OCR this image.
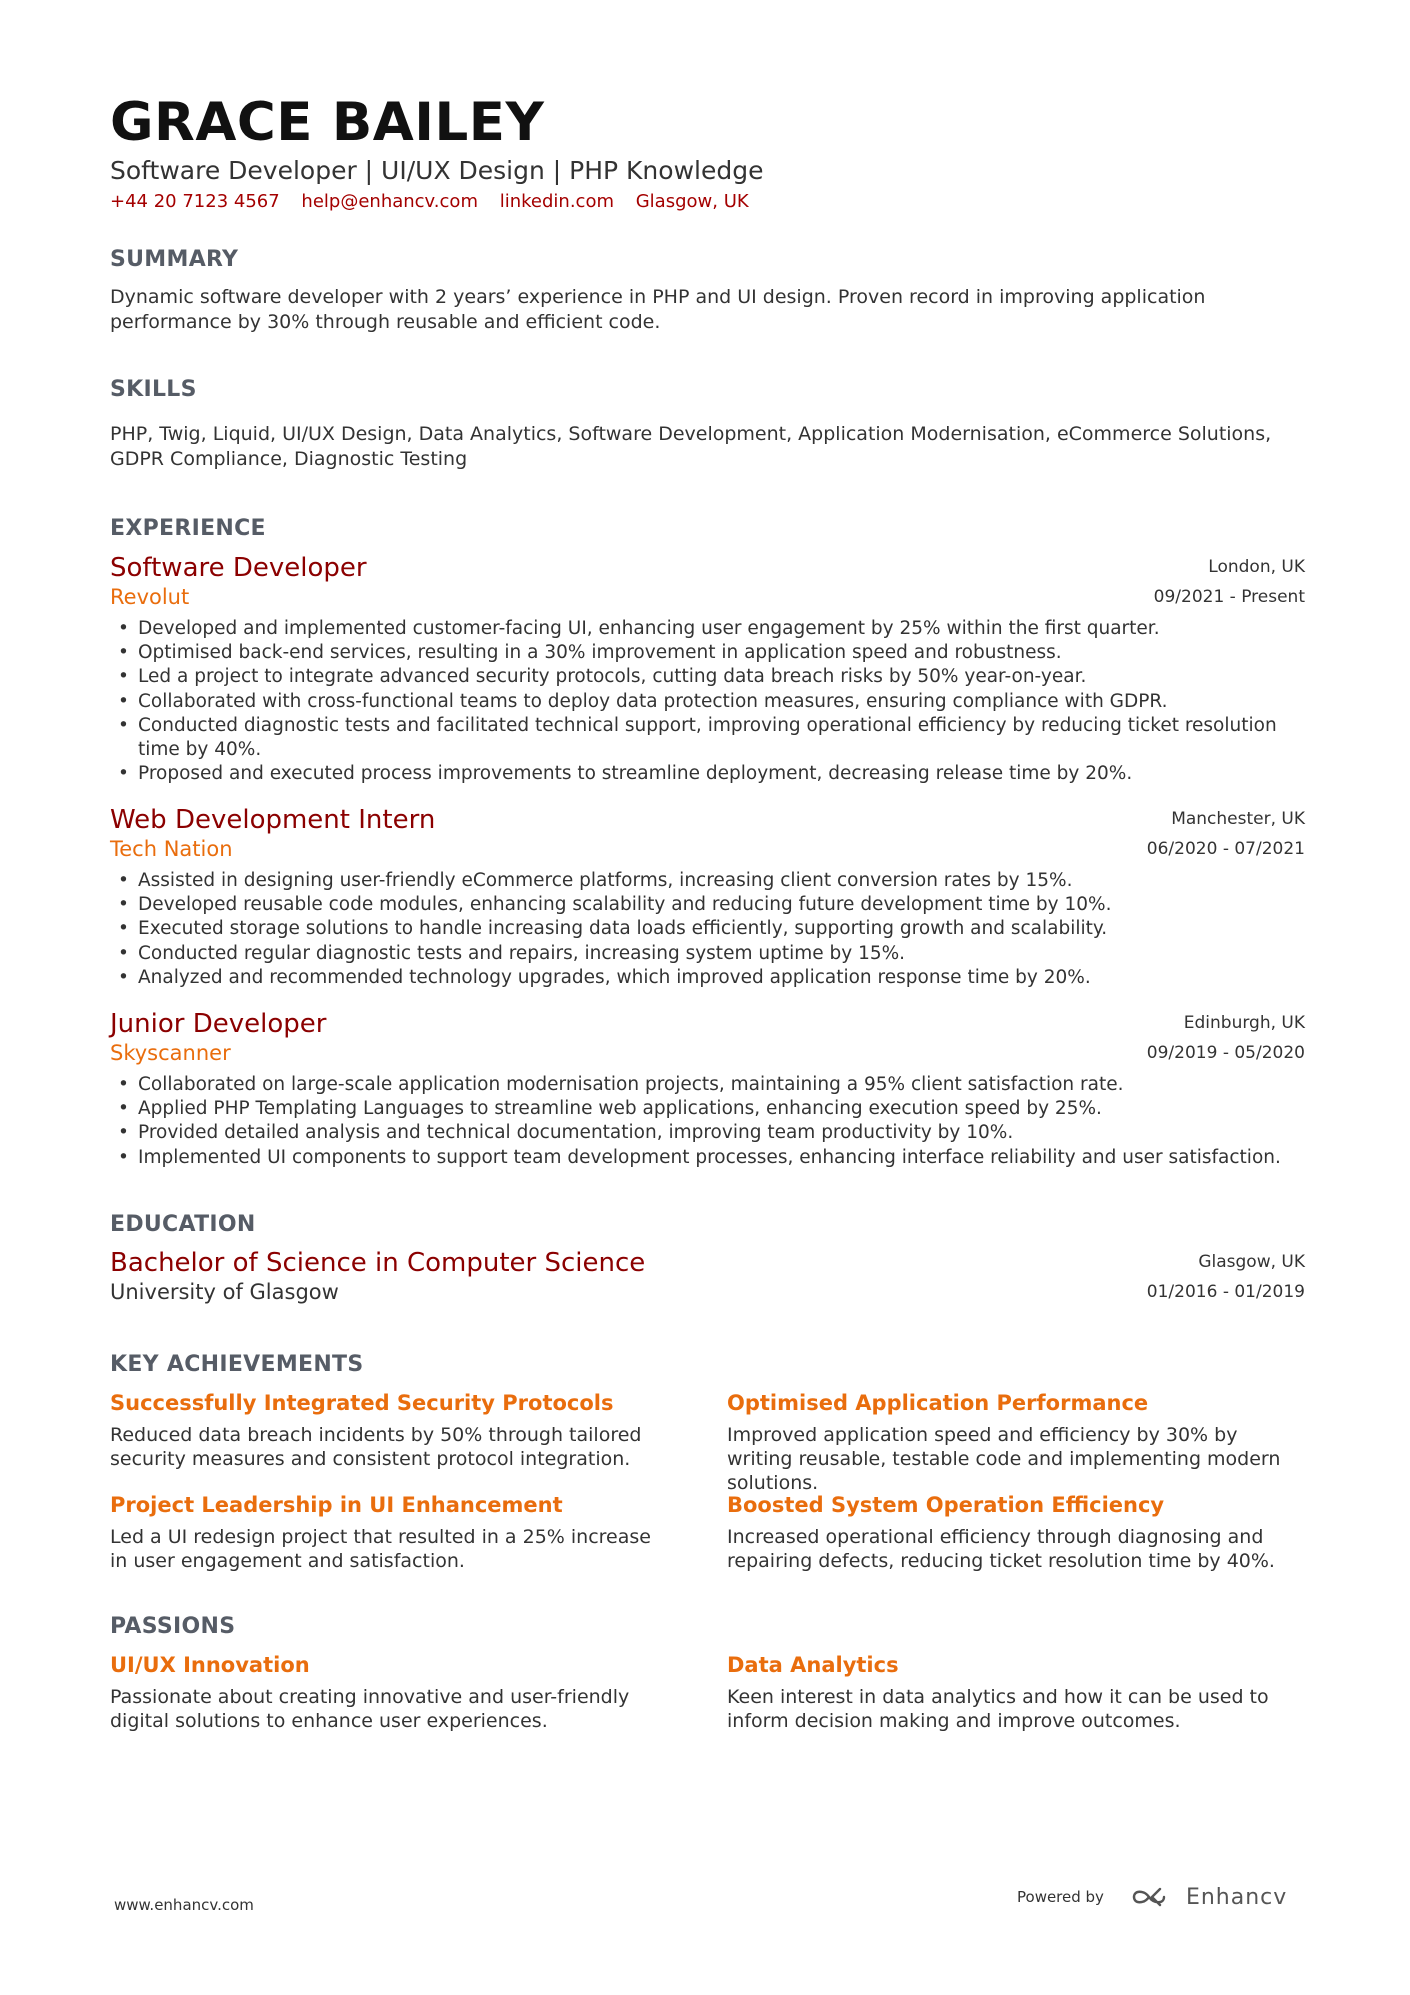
GRACE BAILEY
Software Developer | UI/UX Design | PHP Knowledge
+44 20 7123 4567 help@enhancv.com linkedin.com Glasgow, UK
SUMMARY
Dynamic software developer with 2 years’ experience in PHP and UI design. Proven record in improving application performance by 30% through reusable and efficient code.
SKILLS
PHP, Twig, Liquid, UI/UX Design, Data Analytics, Software Development, Application Modernisation, eCommerce Solutions, GDPR Compliance, Diagnostic Testing
EXPERIENCE
Software Developer
Revolut
London, UK
09/2021 - Present
• Developed and implemented customer-facing UI, enhancing user engagement by 25% within the first quarter.
• Optimised back-end services, resulting in a 30% improvement in application speed and robustness.
• Led a project to integrate advanced security protocols, cutting data breach risks by 50% year-on-year.
• Collaborated with cross-functional teams to deploy data protection measures, ensuring compliance with GDPR.
• Conducted diagnostic tests and facilitated technical support, improving operational efficiency by reducing ticket resolution time by 40%.
• Proposed and executed process improvements to streamline deployment, decreasing release time by 20%.
Web Development Intern
Tech Nation
Manchester, UK
06/2020 - 07/2021
• Assisted in designing user-friendly eCommerce platforms, increasing client conversion rates by 15%.
• Developed reusable code modules, enhancing scalability and reducing future development time by 10%.
• Executed storage solutions to handle increasing data loads efficiently, supporting growth and scalability.
• Conducted regular diagnostic tests and repairs, increasing system uptime by 15%.
• Analyzed and recommended technology upgrades, which improved application response time by 20%.
Junior Developer
Skyscanner
Edinburgh, UK
09/2019 - 05/2020
• Collaborated on large-scale application modernisation projects, maintaining a 95% client satisfaction rate.
• Applied PHP Templating Languages to streamline web applications, enhancing execution speed by 25%.
• Provided detailed analysis and technical documentation, improving team productivity by 10%.
• Implemented UI components to support team development processes, enhancing interface reliability and user satisfaction.
EDUCATION
Bachelor of Science in Computer Science
University of Glasgow
Glasgow, UK
01/2016 - 01/2019
KEY ACHIEVEMENTS
Successfully Integrated Security Protocols
Reduced data breach incidents by 50% through tailored security measures and consistent protocol integration.
Optimised Application Performance
Improved application speed and efficiency by 30% by writing reusable, testable code and implementing modern solutions.
Project Leadership in UI Enhancement
Led a UI redesign project that resulted in a 25% increase in user engagement and satisfaction.
Boosted System Operation Efficiency
Increased operational efficiency through diagnosing and repairing defects, reducing ticket resolution time by 40%.
PASSIONS
UI/UX Innovation
Passionate about creating innovative and user-friendly digital solutions to enhance user experiences.
Data Analytics
Keen interest in data analytics and how it can be used to inform decision making and improve outcomes.
www.enhancv.com	Powered by	Enhancv
